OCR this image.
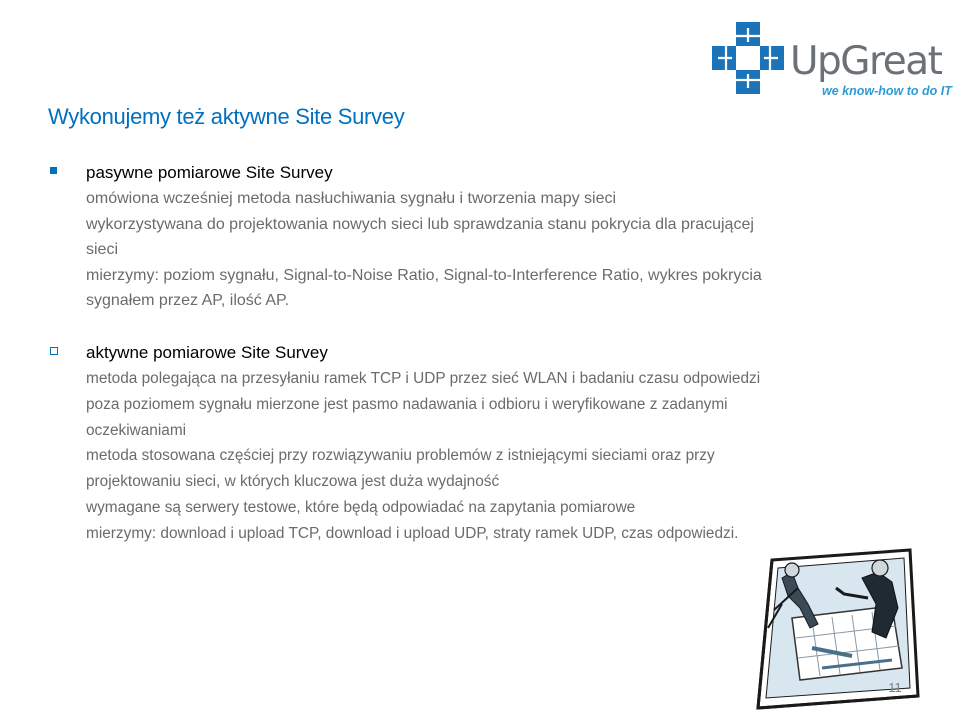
UpGreat
we know-how to do IT
Wykonujemy też aktywne Site Survey
pasywne pomiarowe Site Survey
omówiona wcześniej metoda nasłuchiwania sygnału i tworzenia mapy sieci
wykorzystywana do projektowania nowych sieci lub sprawdzania stanu pokrycia dla pracującej
sieci
mierzymy: poziom sygnału, Signal-to-Noise Ratio, Signal-to-Interference Ratio, wykres pokrycia
sygnałem przez AP, ilość AP.
aktywne pomiarowe Site Survey
metoda polegająca na przesyłaniu ramek TCP i UDP przez sieć WLAN i badaniu czasu odpowiedzi
poza poziomem sygnału mierzone jest pasmo nadawania i odbioru i weryfikowane z zadanymi
oczekiwaniami
metoda stosowana częściej przy rozwiązywaniu problemów z istniejącymi sieciami oraz przy
projektowaniu sieci, w których kluczowa jest duża wydajność
wymagane są serwery testowe, które będą odpowiadać na zapytania pomiarowe
mierzymy: download i upload TCP, download i upload UDP, straty ramek UDP, czas odpowiedzi.
11
